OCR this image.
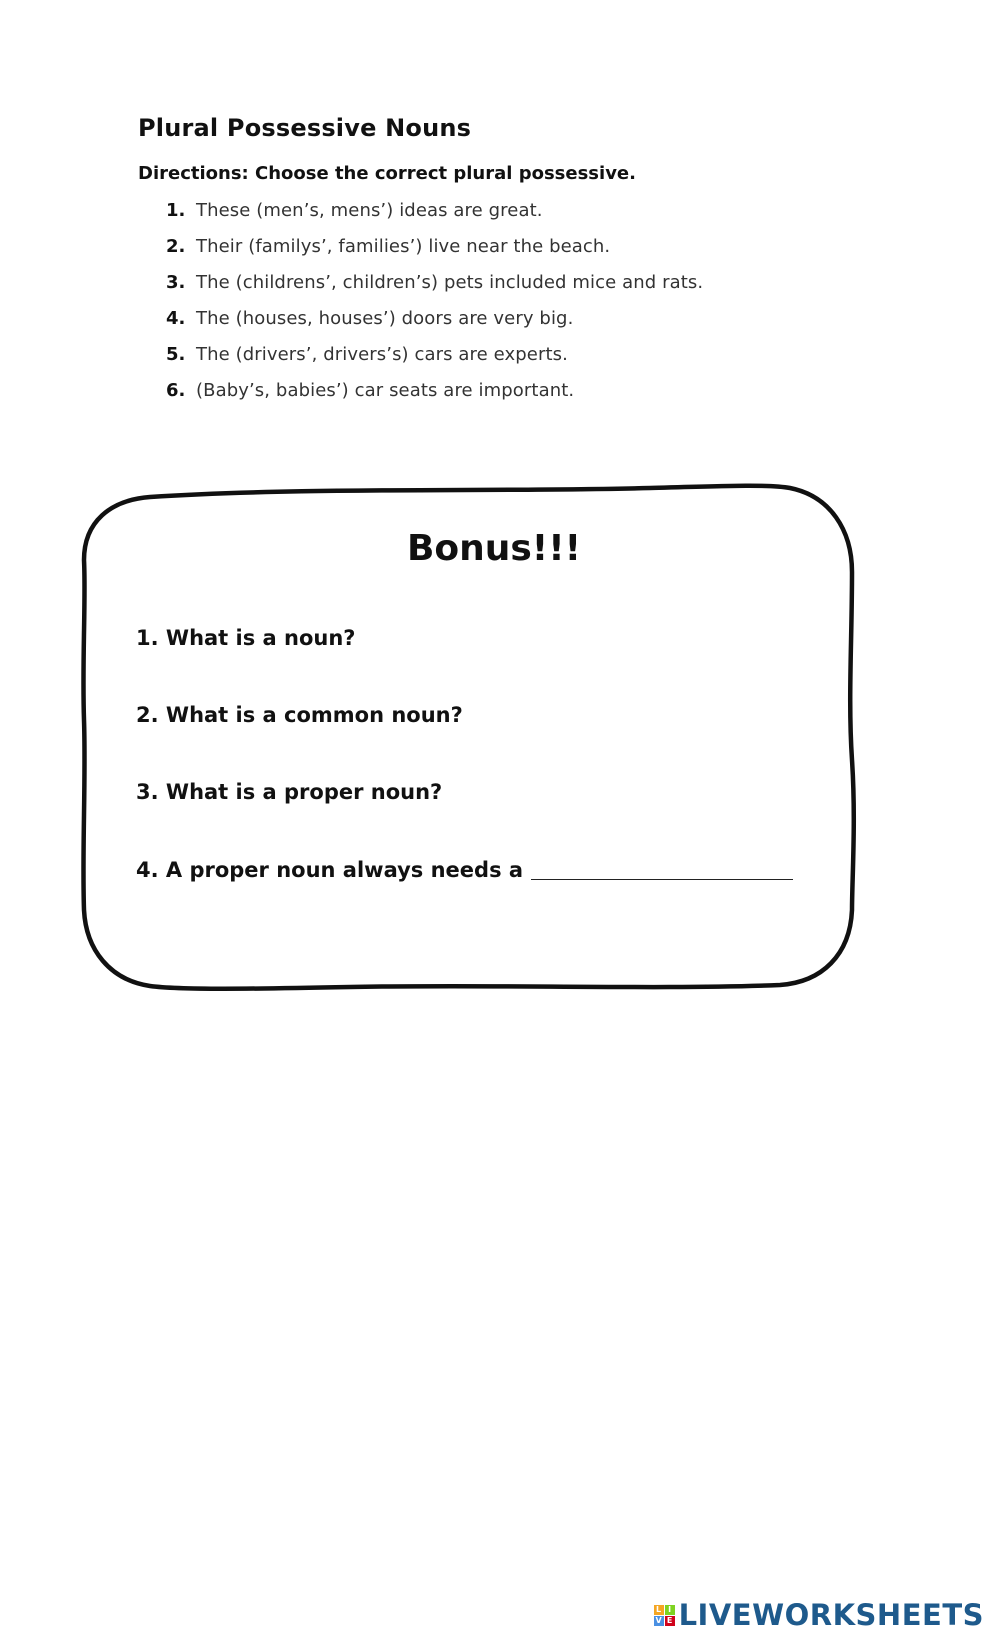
Plural Possessive Nouns
Directions: Choose the correct plural possessive.
1. These (men’s, mens’) ideas are great.
2. Their (familys’, families’) live near the beach.
3. The (childrens’, children’s) pets included mice and rats.
4. The (houses, houses’) doors are very big.
5. The (drivers’, drivers’s) cars are experts.
6. (Baby’s, babies’) car seats are important.
Bonus!!!
1. What is a noun?
2. What is a common noun?
3. What is a proper noun?
4. A proper noun always needs a
L I
V E LIVEWORKSHEETS
